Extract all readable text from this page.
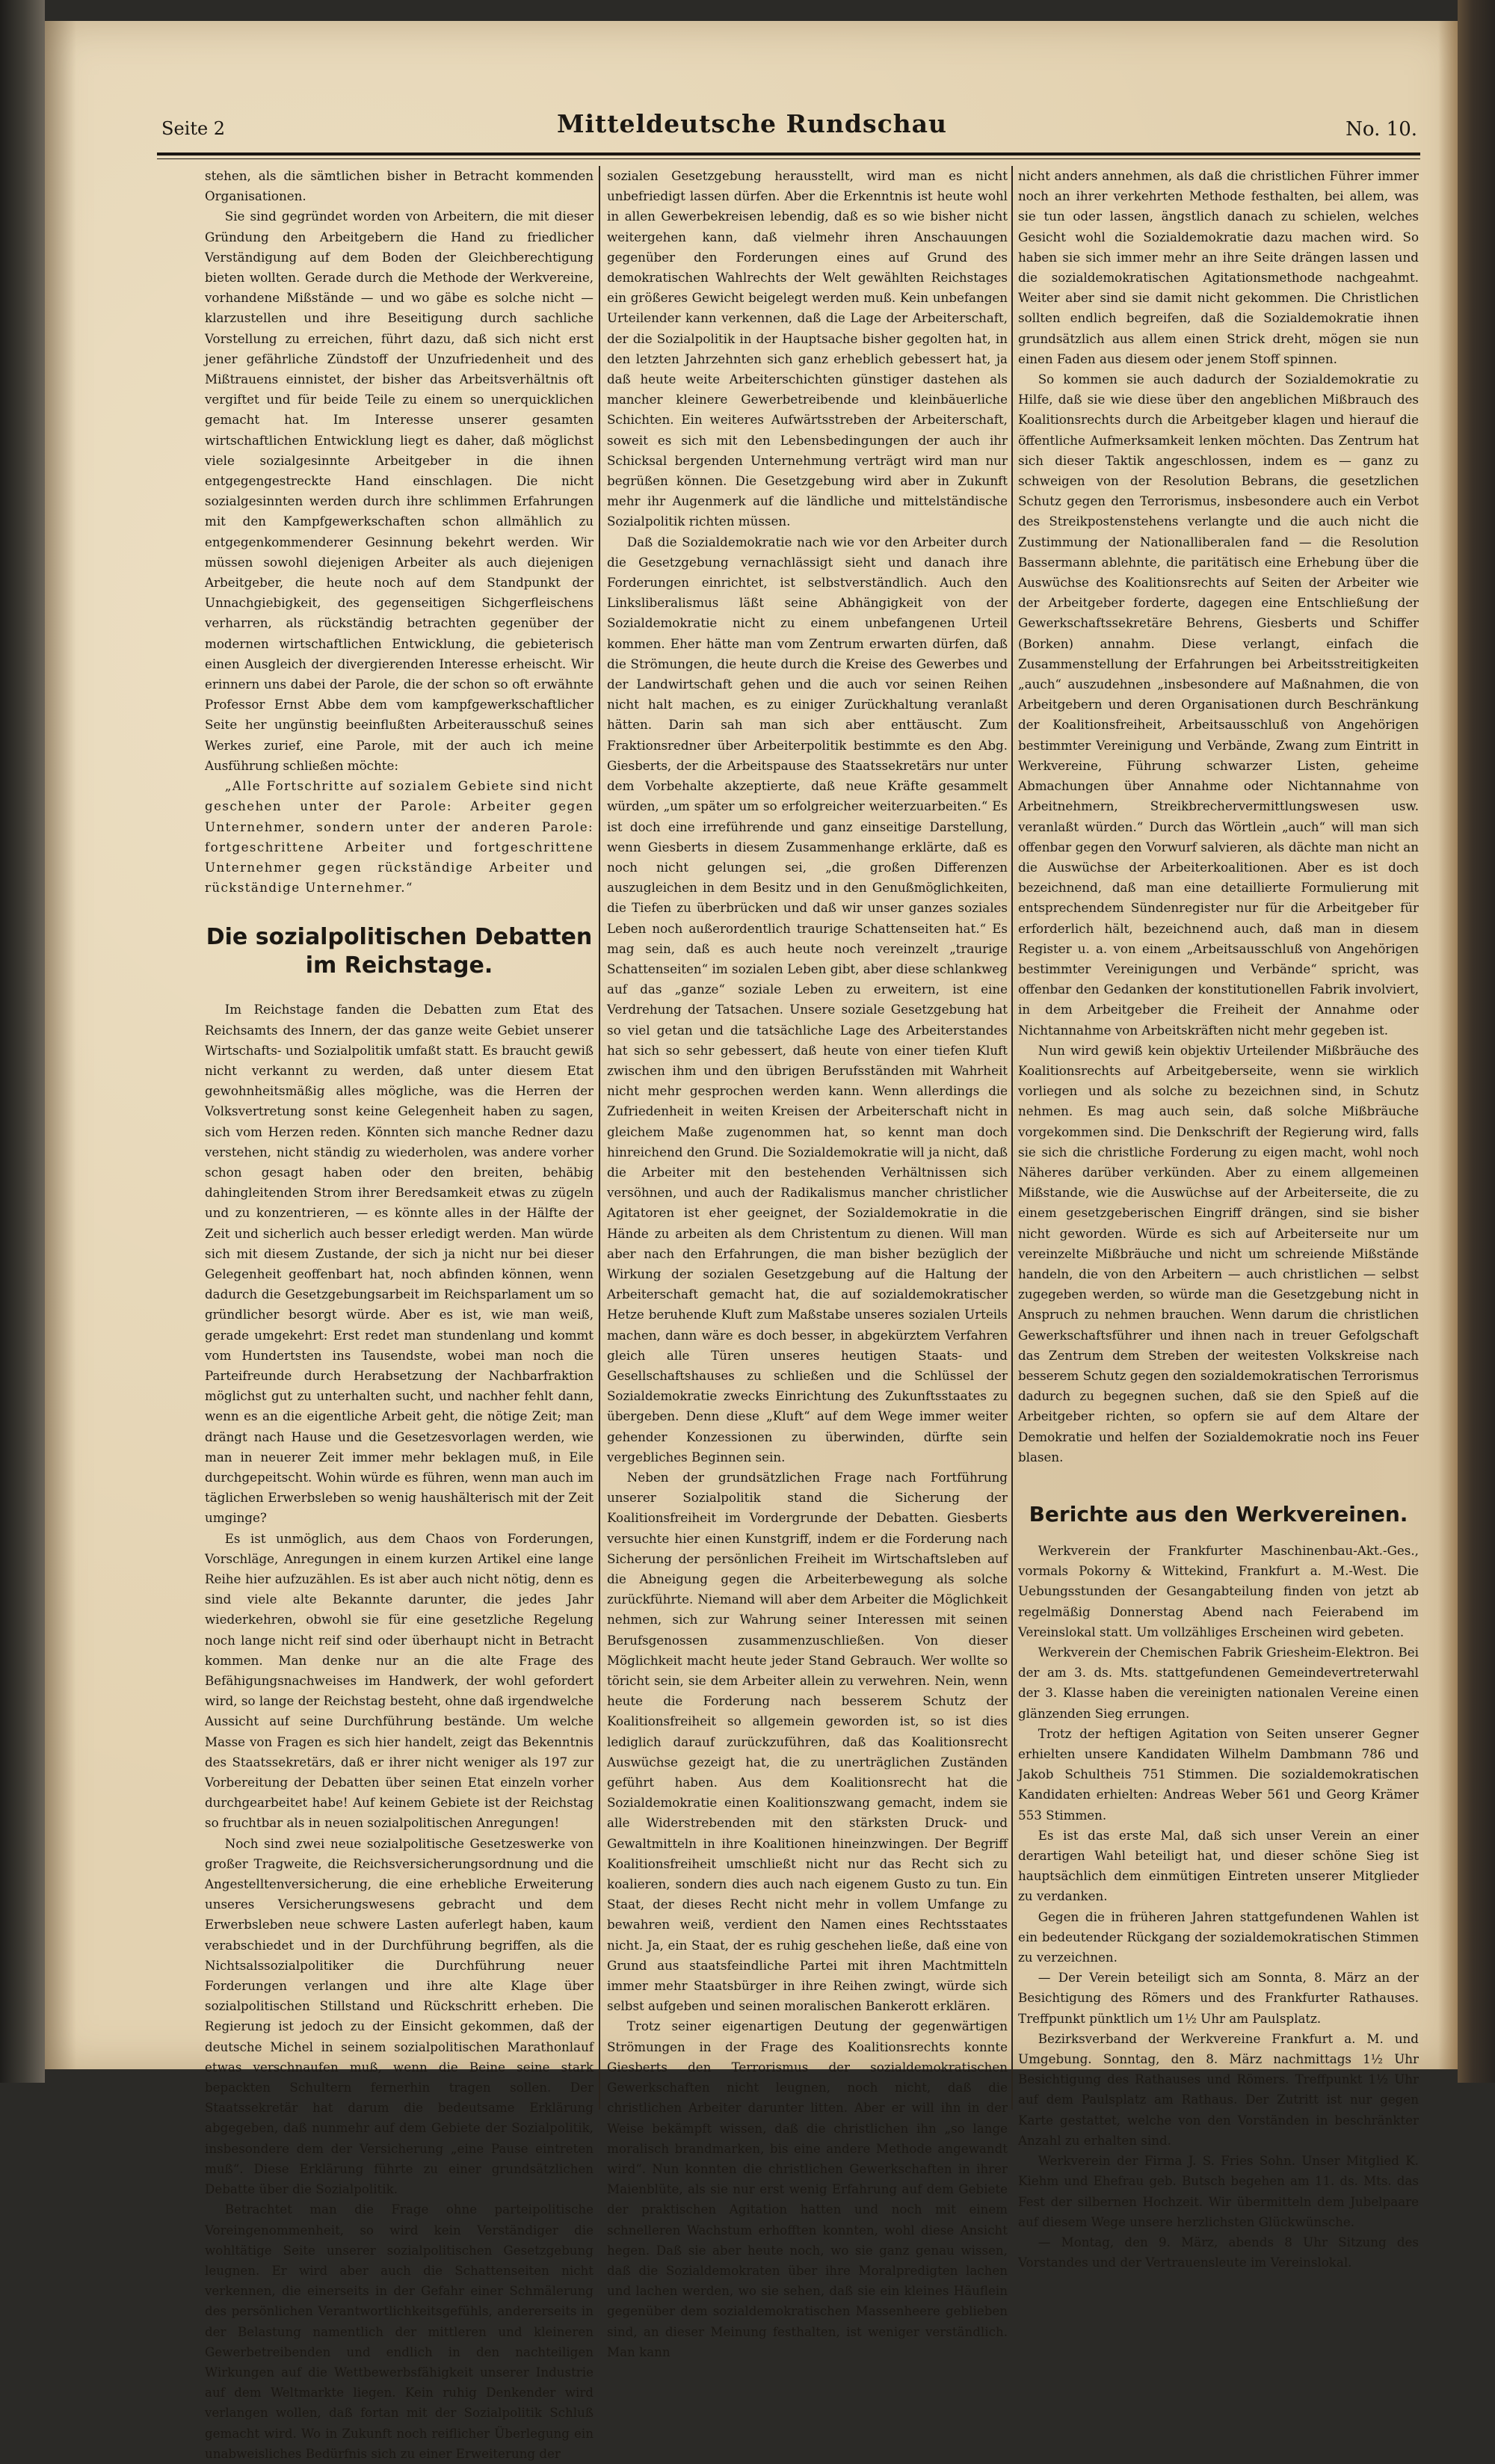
Seite 2	Mitteldeutsche Rundschau	No. 10.

stehen, als die sämtlichen bisher in Betracht kommenden Organisationen.

Sie sind gegründet worden von Arbeitern, die mit dieser Gründung den Arbeitgebern die Hand zu friedlicher Verständigung auf dem Boden der Gleichberechtigung bieten wollten. Gerade durch die Methode der Werkvereine, vorhandene Mißstände — und wo gäbe es solche nicht — klarzustellen und ihre Beseitigung durch sachliche Vorstellung zu erreichen, führt dazu, daß sich nicht erst jener gefährliche Zündstoff der Unzufriedenheit und des Mißtrauens einnistet, der bisher das Arbeitsverhältnis oft vergiftet und für beide Teile zu einem so unerquicklichen gemacht hat. Im Interesse unserer gesamten wirtschaftlichen Entwicklung liegt es daher, daß möglichst viele sozialgesinnte Arbeitgeber in die ihnen entgegengestreckte Hand einschlagen. Die nicht sozialgesinnten werden durch ihre schlimmen Erfahrungen mit den Kampfgewerkschaften schon allmählich zu entgegenkommenderer Gesinnung bekehrt werden. Wir müssen sowohl diejenigen Arbeiter als auch diejenigen Arbeitgeber, die heute noch auf dem Standpunkt der Unnachgiebigkeit, des gegenseitigen Sichgerfleischens verharren, als rückständig betrachten gegenüber der modernen wirtschaftlichen Entwicklung, die gebieterisch einen Ausgleich der divergierenden Interesse erheischt. Wir erinnern uns dabei der Parole, die der schon so oft erwähnte Professor Ernst Abbe dem vom kampfgewerkschaftlicher Seite her ungünstig beeinflußten Arbeiterausschuß seines Werkes zurief, eine Parole, mit der auch ich meine Ausführung schließen möchte:

„Alle Fortschritte auf sozialem Gebiete sind nicht geschehen unter der Parole: Arbeiter gegen Unternehmer, sondern unter der anderen Parole: fortgeschrittene Arbeiter und fortgeschrittene Unternehmer gegen rückständige Arbeiter und rückständige Unternehmer.“

Die sozialpolitischen Debatten im Reichstage.

Im Reichstage fanden die Debatten zum Etat des Reichsamts des Innern, der das ganze weite Gebiet unserer Wirtschafts- und Sozialpolitik umfaßt statt. Es braucht gewiß nicht verkannt zu werden, daß unter diesem Etat gewohnheitsmäßig alles mögliche, was die Herren der Volksvertretung sonst keine Gelegenheit haben zu sagen, sich vom Herzen reden. Könnten sich manche Redner dazu verstehen, nicht ständig zu wiederholen, was andere vorher schon gesagt haben oder den breiten, behäbig dahingleitenden Strom ihrer Beredsamkeit etwas zu zügeln und zu konzentrieren, — es könnte alles in der Hälfte der Zeit und sicherlich auch besser erledigt werden. Man würde sich mit diesem Zustande, der sich ja nicht nur bei dieser Gelegenheit geoffenbart hat, noch abfinden können, wenn dadurch die Gesetzgebungsarbeit im Reichsparlament um so gründlicher besorgt würde. Aber es ist, wie man weiß, gerade umgekehrt: Erst redet man stundenlang und kommt vom Hundertsten ins Tausendste, wobei man noch die Parteifreunde durch Herabsetzung der Nachbarfraktion möglichst gut zu unterhalten sucht, und nachher fehlt dann, wenn es an die eigentliche Arbeit geht, die nötige Zeit; man drängt nach Hause und die Gesetzesvorlagen werden, wie man in neuerer Zeit immer mehr beklagen muß, in Eile durchgepeitscht. Wohin würde es führen, wenn man auch im täglichen Erwerbsleben so wenig haushälterisch mit der Zeit umginge?

Es ist unmöglich, aus dem Chaos von Forderungen, Vorschläge, Anregungen in einem kurzen Artikel eine lange Reihe hier aufzuzählen. Es ist aber auch nicht nötig, denn es sind viele alte Bekannte darunter, die jedes Jahr wiederkehren, obwohl sie für eine gesetzliche Regelung noch lange nicht reif sind oder überhaupt nicht in Betracht kommen. Man denke nur an die alte Frage des Befähigungsnachweises im Handwerk, der wohl gefordert wird, so lange der Reichstag besteht, ohne daß irgendwelche Aussicht auf seine Durchführung bestände. Um welche Masse von Fragen es sich hier handelt, zeigt das Bekenntnis des Staatssekretärs, daß er ihrer nicht weniger als 197 zur Vorbereitung der Debatten über seinen Etat einzeln vorher durchgearbeitet habe! Auf keinem Gebiete ist der Reichstag so fruchtbar als in neuen sozialpolitischen Anregungen!

Noch sind zwei neue sozialpolitische Gesetzeswerke von großer Tragweite, die Reichsversicherungsordnung und die Angestelltenversicherung, die eine erhebliche Erweiterung unseres Versicherungswesens gebracht und dem Erwerbsleben neue schwere Lasten auferlegt haben, kaum verabschiedet und in der Durchführung begriffen, als die Nichtsalssozialpolitiker die Durchführung neuer Forderungen verlangen und ihre alte Klage über sozialpolitischen Stillstand und Rückschritt erheben. Die Regierung ist jedoch zu der Einsicht gekommen, daß der deutsche Michel in seinem sozialpolitischen Marathonlauf etwas verschnaufen muß, wenn die Beine seine stark bepackten Schultern fernerhin tragen sollen. Der Staatssekretär hat darum die bedeutsame Erklärung abgegeben, daß nunmehr auf dem Gebiete der Sozialpolitik, insbesondere dem der Versicherung „eine Pause eintreten muß“. Diese Erklärung führte zu einer grundsätzlichen Debatte über die Sozialpolitik.

Betrachtet man die Frage ohne parteipolitische Voreingenommenheit, so wird kein Verständiger die wohltätige Seite unserer sozialpolitischen Gesetzgebung leugnen. Er wird aber auch die Schattenseiten nicht verkennen, die einerseits in der Gefahr einer Schmälerung des persönlichen Verantwortlichkeitsgefühls, andererseits in der Belastung namentlich der mittleren und kleineren Gewerbetreibenden und endlich in den nachteiligen Wirkungen auf die Wettbewerbsfähigkeit unserer Industrie auf dem Weltmarkte liegen. Kein ruhig Denkender wird verlangen wollen, daß fortan mit der Sozialpolitik Schluß gemacht wird. Wo in Zukunft noch reiflicher Überlegung ein unabweisliches Bedürfnis sich zu einer Erweiterung der

sozialen Gesetzgebung herausstellt, wird man es nicht unbefriedigt lassen dürfen. Aber die Erkenntnis ist heute wohl in allen Gewerbekreisen lebendig, daß es so wie bisher nicht weitergehen kann, daß vielmehr ihren Anschauungen gegenüber den Forderungen eines auf Grund des demokratischen Wahlrechts der Welt gewählten Reichstages ein größeres Gewicht beigelegt werden muß. Kein unbefangen Urteilender kann verkennen, daß die Lage der Arbeiterschaft, der die Sozialpolitik in der Hauptsache bisher gegolten hat, in den letzten Jahrzehnten sich ganz erheblich gebessert hat, ja daß heute weite Arbeiterschichten günstiger dastehen als mancher kleinere Gewerbetreibende und kleinbäuerliche Schichten. Ein weiteres Aufwärtsstreben der Arbeiterschaft, soweit es sich mit den Lebensbedingungen der auch ihr Schicksal bergenden Unternehmung verträgt wird man nur begrüßen können. Die Gesetzgebung wird aber in Zukunft mehr ihr Augenmerk auf die ländliche und mittelständische Sozialpolitik richten müssen.

Daß die Sozialdemokratie nach wie vor den Arbeiter durch die Gesetzgebung vernachlässigt sieht und danach ihre Forderungen einrichtet, ist selbstverständlich. Auch den Linksliberalismus läßt seine Abhängigkeit von der Sozialdemokratie nicht zu einem unbefangenen Urteil kommen. Eher hätte man vom Zentrum erwarten dürfen, daß die Strömungen, die heute durch die Kreise des Gewerbes und der Landwirtschaft gehen und die auch vor seinen Reihen nicht halt machen, es zu einiger Zurückhaltung veranlaßt hätten. Darin sah man sich aber enttäuscht. Zum Fraktionsredner über Arbeiterpolitik bestimmte es den Abg. Giesberts, der die Arbeitspause des Staatssekretärs nur unter dem Vorbehalte akzeptierte, daß neue Kräfte gesammelt würden, „um später um so erfolgreicher weiterzuarbeiten.“ Es ist doch eine irreführende und ganz einseitige Darstellung, wenn Giesberts in diesem Zusammenhange erklärte, daß es noch nicht gelungen sei, „die großen Differenzen auszugleichen in dem Besitz und in den Genußmöglichkeiten, die Tiefen zu überbrücken und daß wir unser ganzes soziales Leben noch außerordentlich traurige Schattenseiten hat.“ Es mag sein, daß es auch heute noch vereinzelt „traurige Schattenseiten“ im sozialen Leben gibt, aber diese schlankweg auf das „ganze“ soziale Leben zu erweitern, ist eine Verdrehung der Tatsachen. Unsere soziale Gesetzgebung hat so viel getan und die tatsächliche Lage des Arbeiterstandes hat sich so sehr gebessert, daß heute von einer tiefen Kluft zwischen ihm und den übrigen Berufsständen mit Wahrheit nicht mehr gesprochen werden kann. Wenn allerdings die Zufriedenheit in weiten Kreisen der Arbeiterschaft nicht in gleichem Maße zugenommen hat, so kennt man doch hinreichend den Grund. Die Sozialdemokratie will ja nicht, daß die Arbeiter mit den bestehenden Verhältnissen sich versöhnen, und auch der Radikalismus mancher christlicher Agitatoren ist eher geeignet, der Sozialdemokratie in die Hände zu arbeiten als dem Christentum zu dienen. Will man aber nach den Erfahrungen, die man bisher bezüglich der Wirkung der sozialen Gesetzgebung auf die Haltung der Arbeiterschaft gemacht hat, die auf sozialdemokratischer Hetze beruhende Kluft zum Maßstabe unseres sozialen Urteils machen, dann wäre es doch besser, in abgekürztem Verfahren gleich alle Türen unseres heutigen Staats- und Gesellschaftshauses zu schließen und die Schlüssel der Sozialdemokratie zwecks Einrichtung des Zukunftsstaates zu übergeben. Denn diese „Kluft“ auf dem Wege immer weiter gehender Konzessionen zu überwinden, dürfte sein vergebliches Beginnen sein.

Neben der grundsätzlichen Frage nach Fortführung unserer Sozialpolitik stand die Sicherung der Koalitionsfreiheit im Vordergrunde der Debatten. Giesberts versuchte hier einen Kunstgriff, indem er die Forderung nach Sicherung der persönlichen Freiheit im Wirtschaftsleben auf die Abneigung gegen die Arbeiterbewegung als solche zurückführte. Niemand will aber dem Arbeiter die Möglichkeit nehmen, sich zur Wahrung seiner Interessen mit seinen Berufsgenossen zusammenzuschließen. Von dieser Möglichkeit macht heute jeder Stand Gebrauch. Wer wollte so töricht sein, sie dem Arbeiter allein zu verwehren. Nein, wenn heute die Forderung nach besserem Schutz der Koalitionsfreiheit so allgemein geworden ist, so ist dies lediglich darauf zurückzuführen, daß das Koalitionsrecht Auswüchse gezeigt hat, die zu unerträglichen Zuständen geführt haben. Aus dem Koalitionsrecht hat die Sozialdemokratie einen Koalitionszwang gemacht, indem sie alle Widerstrebenden mit den stärksten Druck- und Gewaltmitteln in ihre Koalitionen hineinzwingen. Der Begriff Koalitionsfreiheit umschließt nicht nur das Recht sich zu koalieren, sondern dies auch nach eigenem Gusto zu tun. Ein Staat, der dieses Recht nicht mehr in vollem Umfange zu bewahren weiß, verdient den Namen eines Rechtsstaates nicht. Ja, ein Staat, der es ruhig geschehen ließe, daß eine von Grund aus staatsfeindliche Partei mit ihren Machtmitteln immer mehr Staatsbürger in ihre Reihen zwingt, würde sich selbst aufgeben und seinen moralischen Bankerott erklären.

Trotz seiner eigenartigen Deutung der gegenwärtigen Strömungen in der Frage des Koalitionsrechts konnte Giesberts den Terrorismus der sozialdemokratischen Gewerkschaften nicht leugnen, noch nicht, daß die christlichen Arbeiter darunter litten. Aber er will ihn in der Weise bekämpft wissen, daß die christlichen ihn „so lange moralisch brandmarken, bis eine andere Methode angewandt wird“. Nun konnten die christlichen Gewerkschaften in ihrer Maienblüte, als sie nur erst wenig Erfahrung auf dem Gebiete der praktischen Agitation hatten und noch mit einem schnelleren Wachstum erhofften konnten, wohl diese Ansicht hegen. Daß sie aber heute noch, wo sie ganz genau wissen, daß die Sozialdemokraten über ihre Moralpredigten lachen und lachen werden, wo sie sehen, daß sie ein kleines Häuflein gegenüber dem sozialdemokratischen Massenheere geblieben sind, an dieser Meinung festhalten, ist weniger verständlich. Man kann

nicht anders annehmen, als daß die christlichen Führer immer noch an ihrer verkehrten Methode festhalten, bei allem, was sie tun oder lassen, ängstlich danach zu schielen, welches Gesicht wohl die Sozialdemokratie dazu machen wird. So haben sie sich immer mehr an ihre Seite drängen lassen und die sozialdemokratischen Agitationsmethode nachgeahmt. Weiter aber sind sie damit nicht gekommen. Die Christlichen sollten endlich begreifen, daß die Sozialdemokratie ihnen grundsätzlich aus allem einen Strick dreht, mögen sie nun einen Faden aus diesem oder jenem Stoff spinnen.

So kommen sie auch dadurch der Sozialdemokratie zu Hilfe, daß sie wie diese über den angeblichen Mißbrauch des Koalitionsrechts durch die Arbeitgeber klagen und hierauf die öffentliche Aufmerksamkeit lenken möchten. Das Zentrum hat sich dieser Taktik angeschlossen, indem es — ganz zu schweigen von der Resolution Bebrans, die gesetzlichen Schutz gegen den Terrorismus, insbesondere auch ein Verbot des Streikpostenstehens verlangte und die auch nicht die Zustimmung der Nationalliberalen fand — die Resolution Bassermann ablehnte, die paritätisch eine Erhebung über die Auswüchse des Koalitionsrechts auf Seiten der Arbeiter wie der Arbeitgeber forderte, dagegen eine Entschließung der Gewerkschaftssekretäre Behrens, Giesberts und Schiffer (Borken) annahm. Diese verlangt, einfach die Zusammenstellung der Erfahrungen bei Arbeitsstreitigkeiten „auch“ auszudehnen „insbesondere auf Maßnahmen, die von Arbeitgebern und deren Organisationen durch Beschränkung der Koalitionsfreiheit, Arbeitsausschluß von Angehörigen bestimmter Vereinigung und Verbände, Zwang zum Eintritt in Werkvereine, Führung schwarzer Listen, geheime Abmachungen über Annahme oder Nichtannahme von Arbeitnehmern, Streikbrechervermittlungswesen usw. veranlaßt würden.“ Durch das Wörtlein „auch“ will man sich offenbar gegen den Vorwurf salvieren, als dächte man nicht an die Auswüchse der Arbeiterkoalitionen. Aber es ist doch bezeichnend, daß man eine detaillierte Formulierung mit entsprechendem Sündenregister nur für die Arbeitgeber für erforderlich hält, bezeichnend auch, daß man in diesem Register u. a. von einem „Arbeitsausschluß von Angehörigen bestimmter Vereinigungen und Verbände“ spricht, was offenbar den Gedanken der konstitutionellen Fabrik involviert, in dem Arbeitgeber die Freiheit der Annahme oder Nichtannahme von Arbeitskräften nicht mehr gegeben ist.

Nun wird gewiß kein objektiv Urteilender Mißbräuche des Koalitionsrechts auf Arbeitgeberseite, wenn sie wirklich vorliegen und als solche zu bezeichnen sind, in Schutz nehmen. Es mag auch sein, daß solche Mißbräuche vorgekommen sind. Die Denkschrift der Regierung wird, falls sie sich die christliche Forderung zu eigen macht, wohl noch Näheres darüber verkünden. Aber zu einem allgemeinen Mißstande, wie die Auswüchse auf der Arbeiterseite, die zu einem gesetzgeberischen Eingriff drängen, sind sie bisher nicht geworden. Würde es sich auf Arbeiterseite nur um vereinzelte Mißbräuche und nicht um schreiende Mißstände handeln, die von den Arbeitern — auch christlichen — selbst zugegeben werden, so würde man die Gesetzgebung nicht in Anspruch zu nehmen brauchen. Wenn darum die christlichen Gewerkschaftsführer und ihnen nach in treuer Gefolgschaft das Zentrum dem Streben der weitesten Volkskreise nach besserem Schutz gegen den sozialdemokratischen Terrorismus dadurch zu begegnen suchen, daß sie den Spieß auf die Arbeitgeber richten, so opfern sie auf dem Altare der Demokratie und helfen der Sozialdemokratie noch ins Feuer blasen.

Berichte aus den Werkvereinen.

Werkverein der Frankfurter Maschinenbau-Akt.-Ges., vormals Pokorny & Wittekind, Frankfurt a. M.-West. Die Uebungsstunden der Gesangabteilung finden von jetzt ab regelmäßig Donnerstag Abend nach Feierabend im Vereinslokal statt. Um vollzähliges Erscheinen wird gebeten.

Werkverein der Chemischen Fabrik Griesheim-Elektron. Bei der am 3. ds. Mts. stattgefundenen Gemeindevertreterwahl der 3. Klasse haben die vereinigten nationalen Vereine einen glänzenden Sieg errungen.

Trotz der heftigen Agitation von Seiten unserer Gegner erhielten unsere Kandidaten Wilhelm Dambmann 786 und Jakob Schultheis 751 Stimmen. Die sozialdemokratischen Kandidaten erhielten: Andreas Weber 561 und Georg Krämer 553 Stimmen.

Es ist das erste Mal, daß sich unser Verein an einer derartigen Wahl beteiligt hat, und dieser schöne Sieg ist hauptsächlich dem einmütigen Eintreten unserer Mitglieder zu verdanken.

Gegen die in früheren Jahren stattgefundenen Wahlen ist ein bedeutender Rückgang der sozialdemokratischen Stimmen zu verzeichnen.

— Der Verein beteiligt sich am Sonnta, 8. März an der Besichtigung des Römers und des Frankfurter Rathauses. Treffpunkt pünktlich um 1½ Uhr am Paulsplatz.

Bezirksverband der Werkvereine Frankfurt a. M. und Umgebung. Sonntag, den 8. März nachmittags 1½ Uhr Besichtigung des Rathauses und Römers. Treffpunkt 1½ Uhr auf dem Paulsplatz am Rathaus. Der Zutritt ist nur gegen Karte gestattet, welche von den Vorständen in beschränkter Anzahl zu erhalten sind.

Werkverein der Firma J. S. Fries Sohn. Unser Mitglied K. Kiehm und Ehefrau geb. Butsch begehen am 11. ds. Mts. das Fest der silbernen Hochzeit. Wir übermitteln dem Jubelpaare auf diesem Wege unsere herzlichsten Glückwünsche.

— Montag, den 9. März, abends 8 Uhr Sitzung des Vorstandes und der Vertrauensleute im Vereinslokal.
